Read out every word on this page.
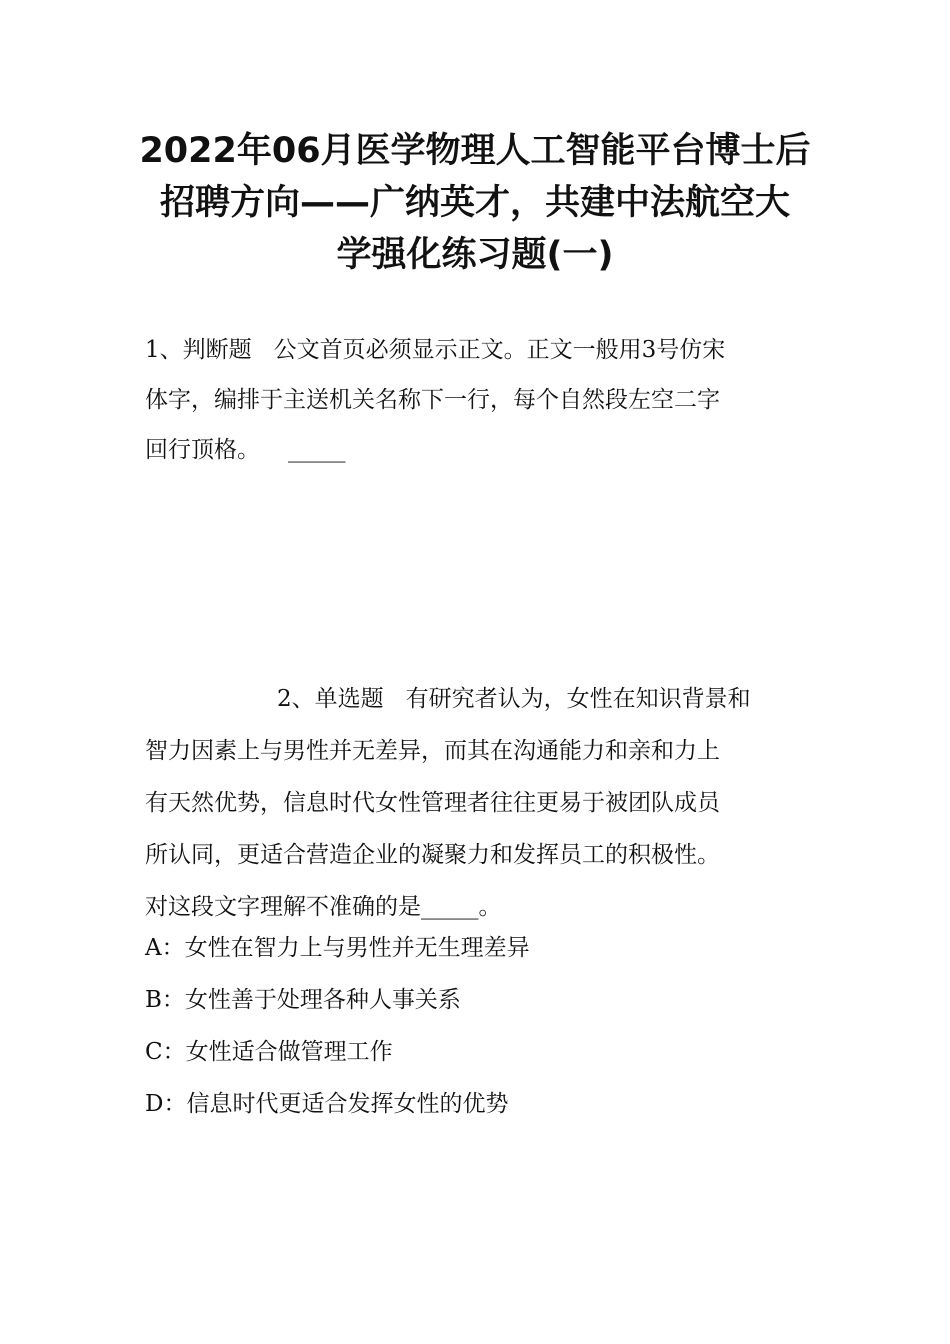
2022年06月医学物理人工智能平台博士后
招聘方向——广纳英才，共建中法航空大
学强化练习题(一)
1、判断题 公文首页必须显示正文。正文一般用3号仿宋
体字，编排于主送机关名称下一行，每个自然段左空二字
回行顶格。 _____
2、单选题 有研究者认为，女性在知识背景和
智力因素上与男性并无差异，而其在沟通能力和亲和力上
有天然优势，信息时代女性管理者往往更易于被团队成员
所认同，更适合营造企业的凝聚力和发挥员工的积极性。
对这段文字理解不准确的是_____。
A：女性在智力上与男性并无生理差异
B：女性善于处理各种人事关系
C：女性适合做管理工作
D：信息时代更适合发挥女性的优势
